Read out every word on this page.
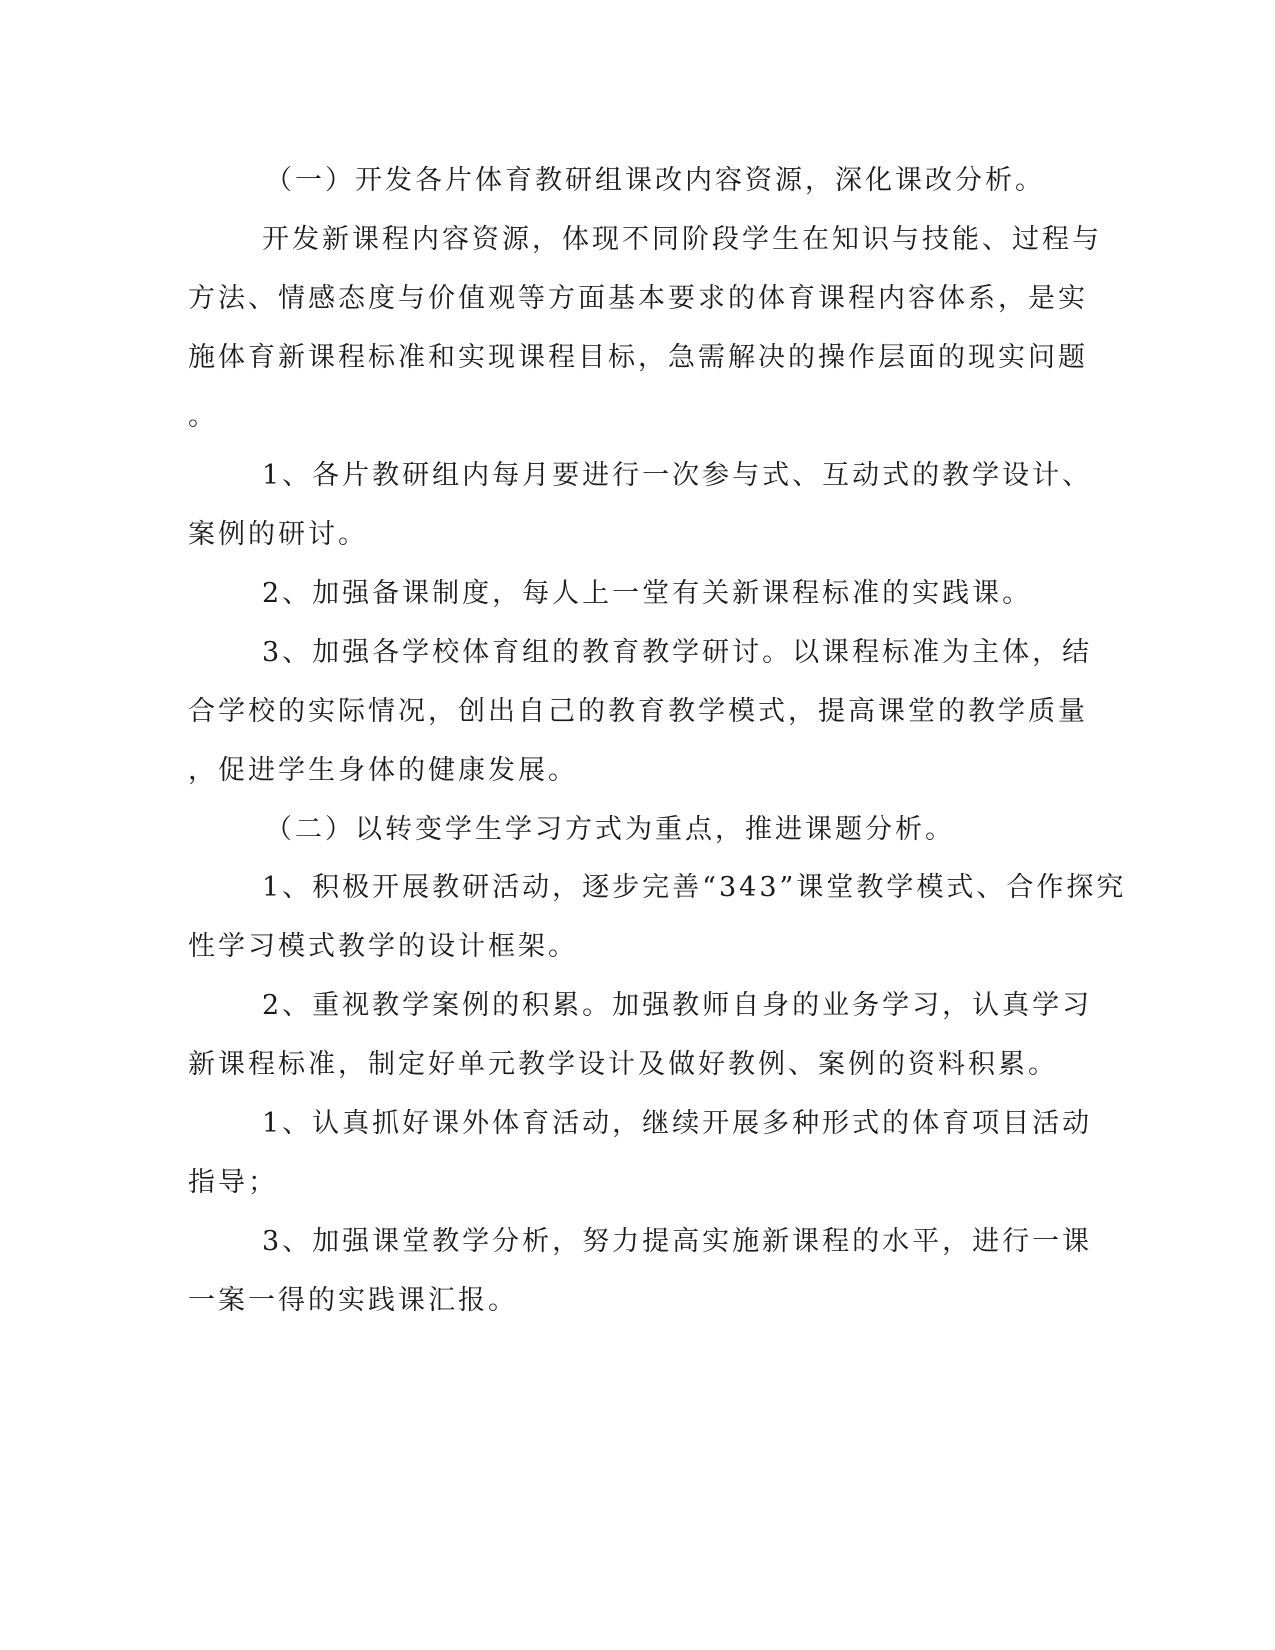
（一）开发各片体育教研组课改内容资源，深化课改分析。
开发新课程内容资源，体现不同阶段学生在知识与技能、过程与
方法、情感态度与价值观等方面基本要求的体育课程内容体系，是实
施体育新课程标准和实现课程目标，急需解决的操作层面的现实问题
。
1、各片教研组内每月要进行一次参与式、互动式的教学设计、
案例的研讨。
2、加强备课制度，每人上一堂有关新课程标准的实践课。
3、加强各学校体育组的教育教学研讨。以课程标准为主体，结
合学校的实际情况，创出自己的教育教学模式，提高课堂的教学质量
，促进学生身体的健康发展。
（二）以转变学生学习方式为重点，推进课题分析。
1、积极开展教研活动，逐步完善“343”课堂教学模式、合作探究
性学习模式教学的设计框架。
2、重视教学案例的积累。加强教师自身的业务学习，认真学习
新课程标准，制定好单元教学设计及做好教例、案例的资料积累。
1、认真抓好课外体育活动，继续开展多种形式的体育项目活动
指导；
3、加强课堂教学分析，努力提高实施新课程的水平，进行一课
一案一得的实践课汇报。
